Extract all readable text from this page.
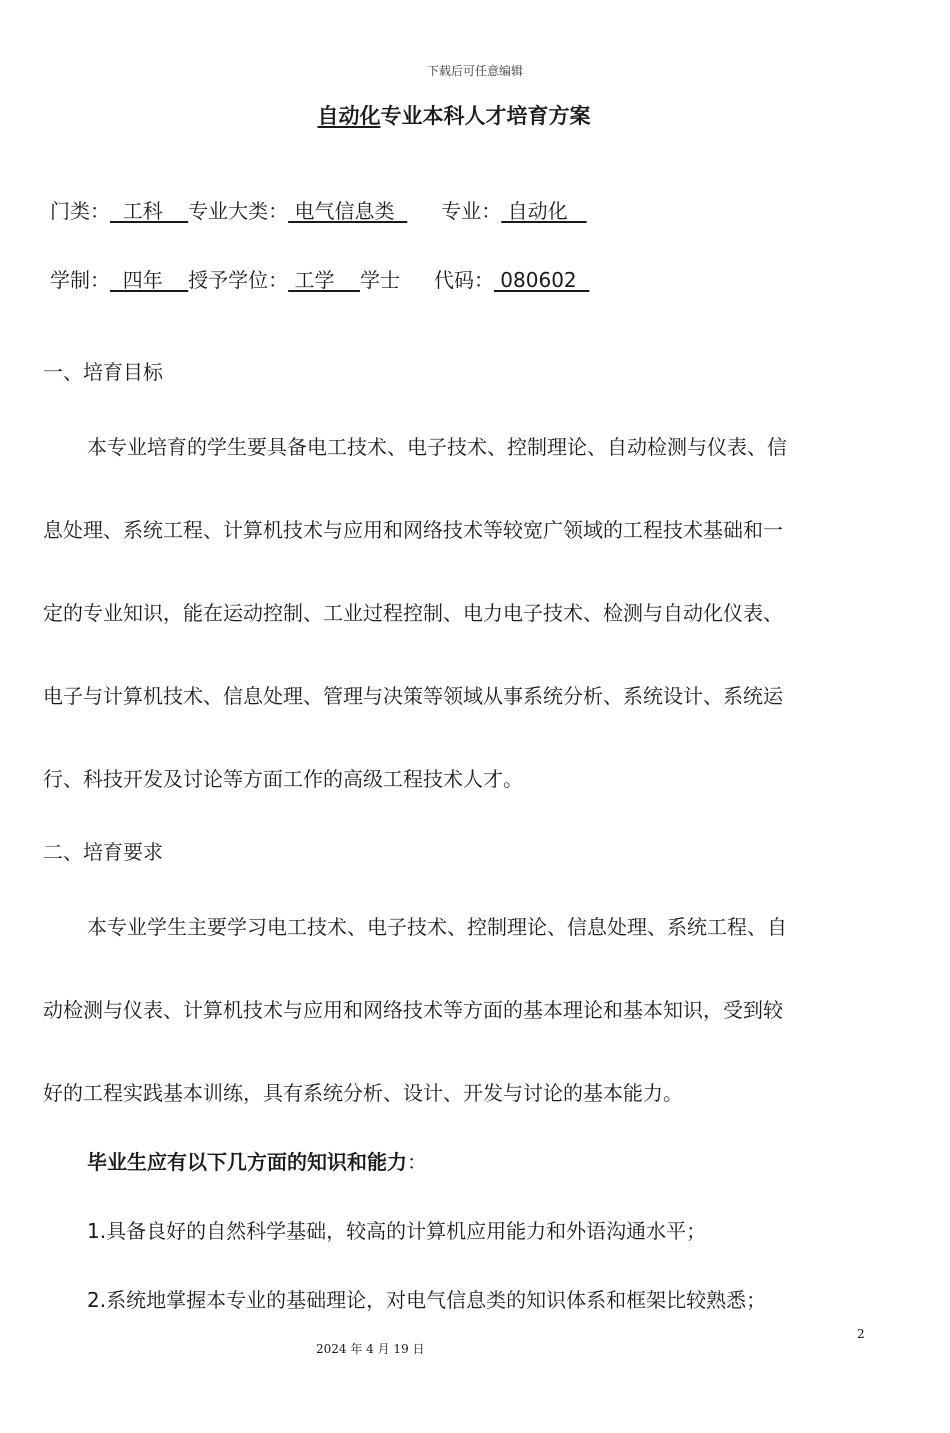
下载后可任意编辑
自动化专业本科人才培育方案
门类：  工科    专业大类： 电气信息类  专业： 自动化
学制：  四年    授予学位： 工学    学士 代码： 080602
一、培育目标
本专业培育的学生要具备电工技术、电子技术、控制理论、自动检测与仪表、信
息处理、系统工程、计算机技术与应用和网络技术等较宽广领域的工程技术基础和一
定的专业知识，能在运动控制、工业过程控制、电力电子技术、检测与自动化仪表、
电子与计算机技术、信息处理、管理与决策等领域从事系统分析、系统设计、系统运
行、科技开发及讨论等方面工作的高级工程技术人才。
二、培育要求
本专业学生主要学习电工技术、电子技术、控制理论、信息处理、系统工程、自
动检测与仪表、计算机技术与应用和网络技术等方面的基本理论和基本知识，受到较
好的工程实践基本训练，具有系统分析、设计、开发与讨论的基本能力。
毕业生应有以下几方面的知识和能力：
1.具备良好的自然科学基础，较高的计算机应用能力和外语沟通水平；
2.系统地掌握本专业的基础理论，对电气信息类的知识体系和框架比较熟悉；
2
2024 年 4 月 19 日
